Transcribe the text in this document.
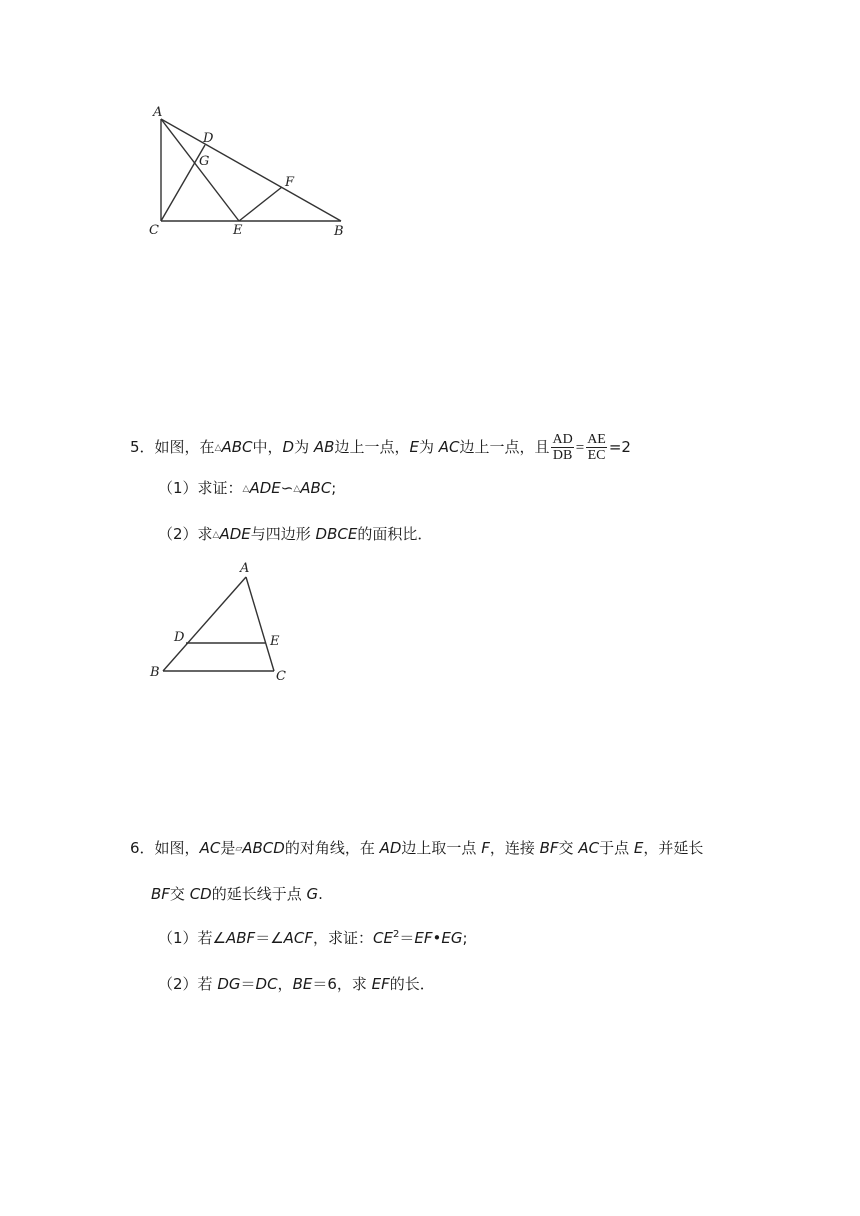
A
D
G
F
C	E	B
5．如图，在△ABC中，D为 AB边上一点，E为 AC边上一点，且 $\frac{AD}{DB} = \frac{AE}{EC} =2$
（1）求证：△ADE∽△ABC;
（2）求△ADE与四边形 DBCE的面积比．
A
D	E
B	C
6．如图，AC是▱ABCD的对角线，在 AD边上取一点 F，连接 BF交 AC于点 E，并延长
BF交 CD的延长线于点 G.
（1）若∠ABF＝∠ACF，求证：$CE^2=EF•EG$;
（2）若 DG＝DC，BE＝6，求 EF的长．
